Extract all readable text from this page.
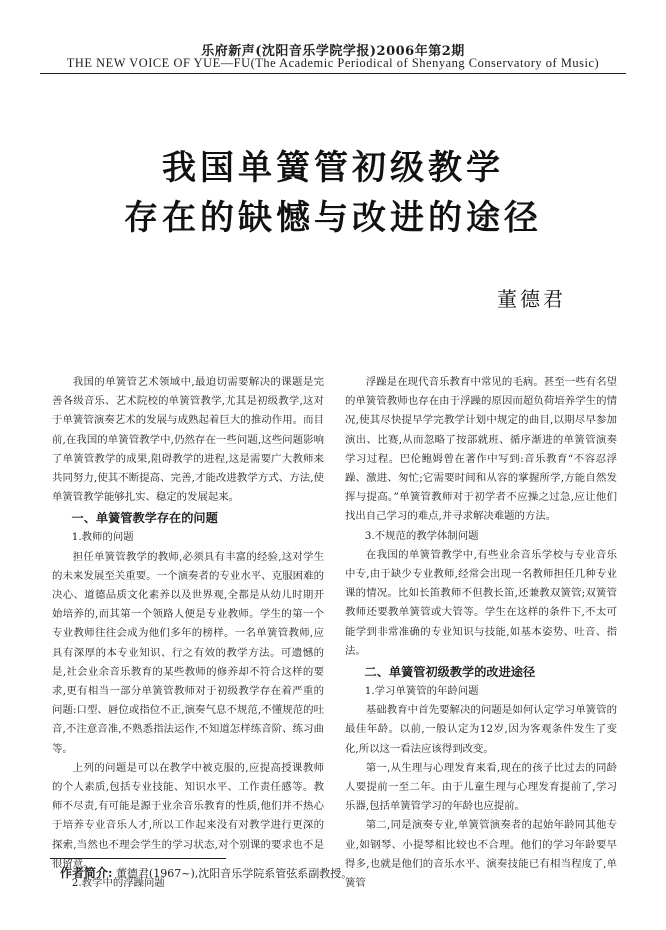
乐府新声(沈阳音乐学院学报)2006年第2期
THE NEW VOICE OF YUE—FU(The Academic Periodical of Shenyang Conservatory of Music)
我国单簧管初级教学
存在的缺憾与改进的途径
董德君

我国的单簧管艺术领域中,最迫切需要解决的课题是完善各级音乐、艺术院校的单簧管教学,尤其是初级教学,这对于单簧管演奏艺术的发展与成熟起着巨大的推动作用。而目前,在我国的单簧管教学中,仍然存在一些问题,这些问题影响了单簧管教学的成果,阻碍教学的进程,这是需要广大教师来共同努力,使其不断提高、完善,才能改进教学方式、方法,使单簧管教学能够扎实、稳定的发展起来。

一、单簧管教学存在的问题
1.教师的问题

担任单簧管教学的教师,必须具有丰富的经验,这对学生的未来发展至关重要。一个演奏者的专业水平、克服困难的决心、道德品质文化素养以及世界观,全都是从幼儿时期开始培养的,而其第一个领路人便是专业教师。学生的第一个专业教师往往会成为他们多年的榜样。一名单簧管教师,应具有深厚的本专业知识、行之有效的教学方法。可遗憾的是,社会业余音乐教育的某些教师的修养却不符合这样的要求,更有相当一部分单簧管教师对于初级教学存在着严重的问题:口型、唇位或指位不正,演奏气息不规范,不懂规范的吐音,不注意音准,不熟悉指法运作,不知道怎样练音阶、练习曲等。

上列的问题是可以在教学中被克服的,应提高授课教师的个人素质,包括专业技能、知识水平、工作责任感等。教师不尽责,有可能是源于业余音乐教育的性质,他们并不热心于培养专业音乐人才,所以工作起来没有对教学进行更深的探索,当然也不理会学生的学习状态,对个别课的要求也不是很留意。

2.教学中的浮躁问题

浮躁是在现代音乐教育中常见的毛病。甚至一些有名望的单簧管教师也存在由于浮躁的原因而超负荷培养学生的情况,使其尽快提早学完教学计划中规定的曲目,以期尽早参加演出、比赛,从而忽略了按部就班、循序渐进的单簧管演奏学习过程。巴伦鲍姆曾在著作中写到:音乐教育“不容忍浮躁、激进、匆忙;它需要时间和从容的掌握所学,方能自然发挥与提高。”单簧管教师对于初学者不应操之过急,应让他们找出自己学习的难点,并寻求解决难题的方法。

3.不规范的教学体制问题

在我国的单簧管教学中,有些业余音乐学校与专业音乐中专,由于缺少专业教师,经常会出现一名教师担任几种专业课的情况。比如长笛教师不但教长笛,还兼教双簧管;双簧管教师还要教单簧管或大管等。学生在这样的条件下,不太可能学到非常准确的专业知识与技能,如基本姿势、吐音、指法。

二、单簧管初级教学的改进途径
1.学习单簧管的年龄问题

基础教育中首先要解决的问题是如何认定学习单簧管的最佳年龄。以前,一般认定为12岁,因为客观条件发生了变化,所以这一看法应该得到改变。

第一,从生理与心理发育来看,现在的孩子比过去的同龄人要提前一至二年。由于儿童生理与心理发育提前了,学习乐器,包括单簧管学习的年龄也应提前。

第二,同是演奏专业,单簧管演奏者的起始年龄同其他专业,如钢琴、小提琴相比较也不合理。他们的学习年龄要早得多,也就是他们的音乐水平、演奏技能已有相当程度了,单簧管

作者简介: 董德君(1967~),沈阳音乐学院系管弦系副教授。
